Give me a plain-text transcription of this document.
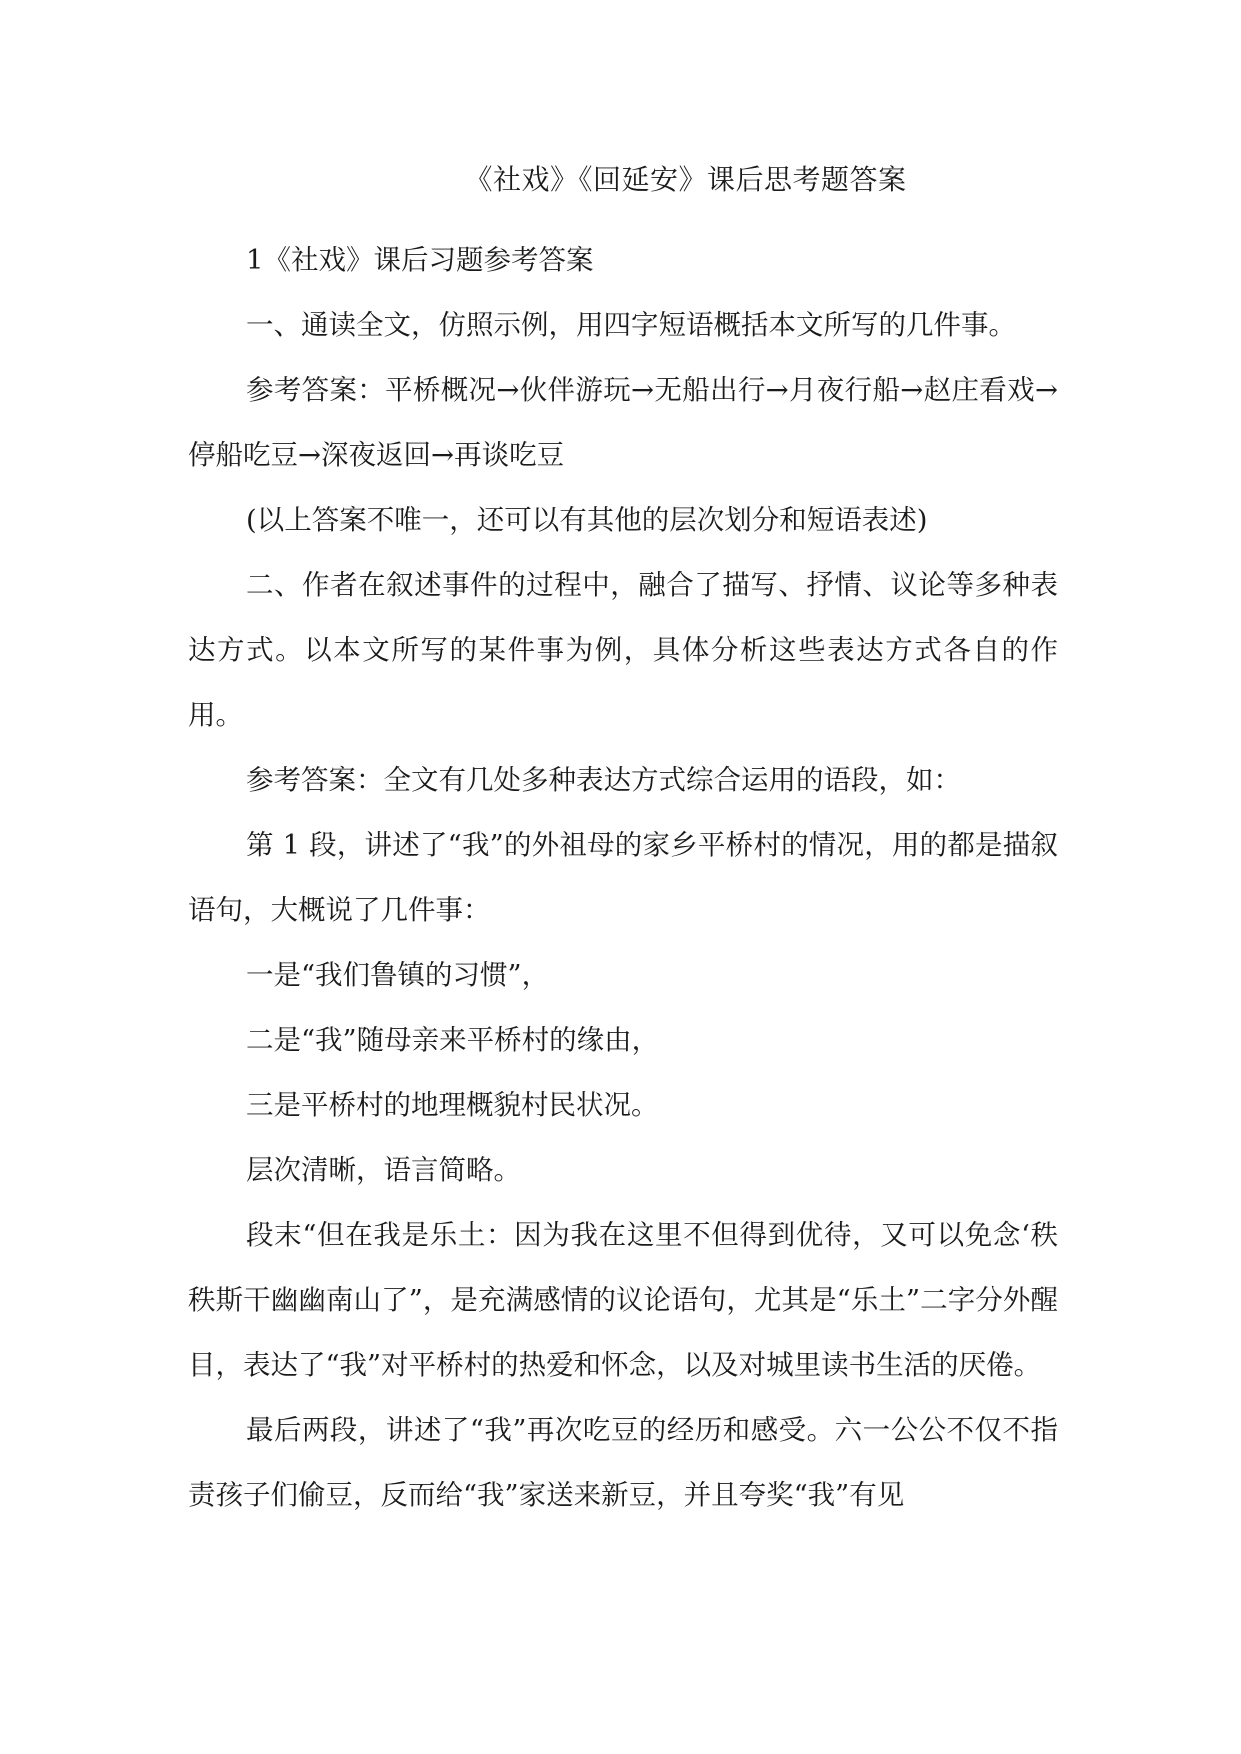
《社戏》《回延安》课后思考题答案

1《社戏》课后习题参考答案

一、通读全文，仿照示例，用四字短语概括本文所写的几件事。

参考答案：平桥概况→伙伴游玩→无船出行→月夜行船→赵庄看戏→停船吃豆→深夜返回→再谈吃豆

(以上答案不唯一，还可以有其他的层次划分和短语表述)

二、作者在叙述事件的过程中，融合了描写、抒情、议论等多种表达方式。以本文所写的某件事为例，具体分析这些表达方式各自的作用。

参考答案：全文有几处多种表达方式综合运用的语段，如：

第 1 段，讲述了“我”的外祖母的家乡平桥村的情况，用的都是描叙语句，大概说了几件事：

一是“我们鲁镇的习惯”，

二是“我”随母亲来平桥村的缘由，

三是平桥村的地理概貌村民状况。

层次清晰，语言简略。

段末“但在我是乐土：因为我在这里不但得到优待，又可以免念‘秩秩斯干幽幽南山了”，是充满感情的议论语句，尤其是“乐土”二字分外醒目，表达了“我”对平桥村的热爱和怀念，以及对城里读书生活的厌倦。

最后两段，讲述了“我”再次吃豆的经历和感受。六一公公不仅不指责孩子们偷豆，反而给“我”家送来新豆，并且夸奖“我”有见
